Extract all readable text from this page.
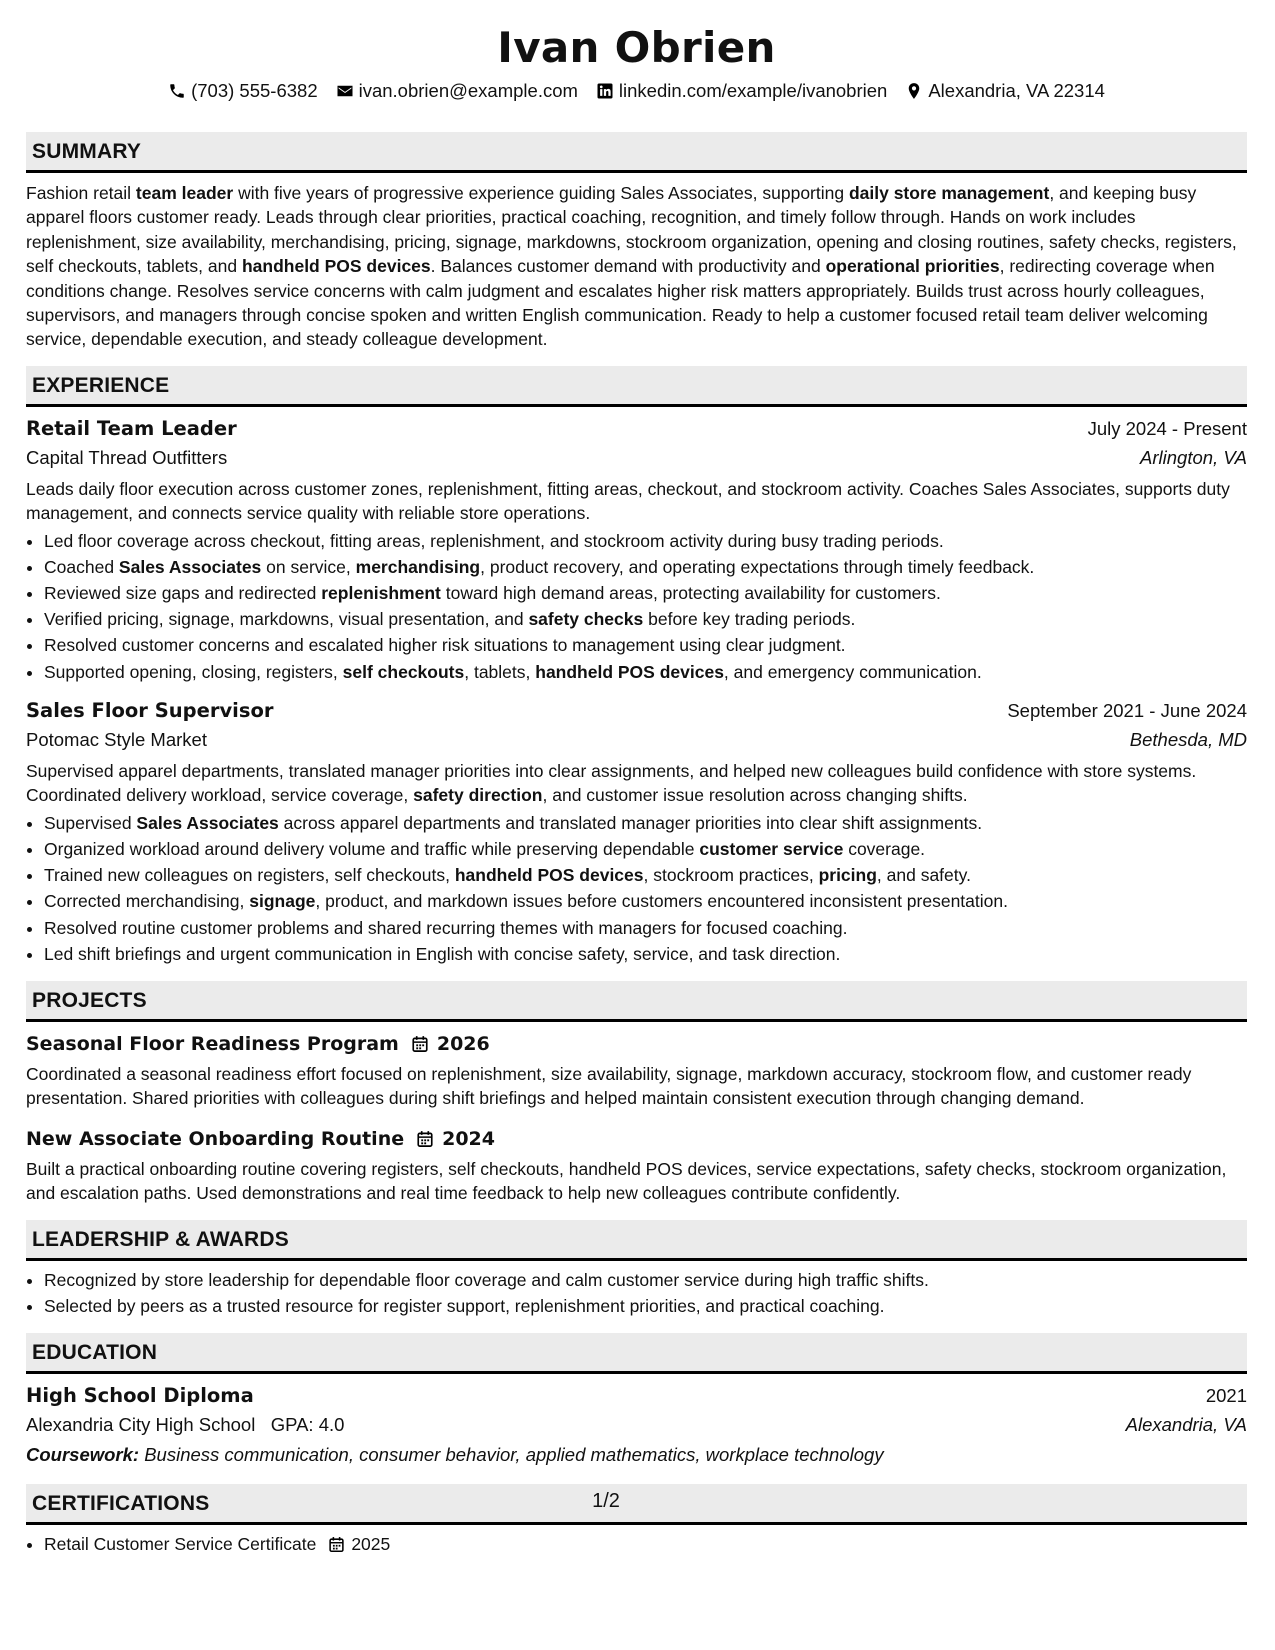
Ivan Obrien
(703) 555-6382 ivan.obrien@example.com linkedin.com/example/ivanobrien Alexandria, VA 22314
SUMMARY

Fashion retail team leader with five years of progressive experience guiding Sales Associates, supporting daily store management, and keeping busy apparel floors customer ready. Leads through clear priorities, practical coaching, recognition, and timely follow through. Hands on work includes replenishment, size availability, merchandising, pricing, signage, markdowns, stockroom organization, opening and closing routines, safety checks, registers, self checkouts, tablets, and handheld POS devices. Balances customer demand with productivity and operational priorities, redirecting coverage when conditions change. Resolves service concerns with calm judgment and escalates higher risk matters appropriately. Builds trust across hourly colleagues, supervisors, and managers through concise spoken and written English communication. Ready to help a customer focused retail team deliver welcoming service, dependable execution, and steady colleague development.

EXPERIENCE
Retail Team Leader	July 2024 - Present
Capital Thread Outfitters	Arlington, VA

Leads daily floor execution across customer zones, replenishment, fitting areas, checkout, and stockroom activity. Coaches Sales Associates, supports duty management, and connects service quality with reliable store operations.

• Led floor coverage across checkout, fitting areas, replenishment, and stockroom activity during busy trading periods.
• Coached Sales Associates on service, merchandising, product recovery, and operating expectations through timely feedback.
• Reviewed size gaps and redirected replenishment toward high demand areas, protecting availability for customers.
• Verified pricing, signage, markdowns, visual presentation, and safety checks before key trading periods.
• Resolved customer concerns and escalated higher risk situations to management using clear judgment.
• Supported opening, closing, registers, self checkouts, tablets, handheld POS devices, and emergency communication.
Sales Floor Supervisor	September 2021 - June 2024
Potomac Style Market	Bethesda, MD

Supervised apparel departments, translated manager priorities into clear assignments, and helped new colleagues build confidence with store systems. Coordinated delivery workload, service coverage, safety direction, and customer issue resolution across changing shifts.

• Supervised Sales Associates across apparel departments and translated manager priorities into clear shift assignments.
• Organized workload around delivery volume and traffic while preserving dependable customer service coverage.
• Trained new colleagues on registers, self checkouts, handheld POS devices, stockroom practices, pricing, and safety.
• Corrected merchandising, signage, product, and markdown issues before customers encountered inconsistent presentation.
• Resolved routine customer problems and shared recurring themes with managers for focused coaching.
• Led shift briefings and urgent communication in English with concise safety, service, and task direction.
PROJECTS
Seasonal Floor Readiness Program 2026

Coordinated a seasonal readiness effort focused on replenishment, size availability, signage, markdown accuracy, stockroom flow, and customer ready presentation. Shared priorities with colleagues during shift briefings and helped maintain consistent execution through changing demand.

New Associate Onboarding Routine 2024

Built a practical onboarding routine covering registers, self checkouts, handheld POS devices, service expectations, safety checks, stockroom organization, and escalation paths. Used demonstrations and real time feedback to help new colleagues contribute confidently.

LEADERSHIP & AWARDS
• Recognized by store leadership for dependable floor coverage and calm customer service during high traffic shifts.
• Selected by peers as a trusted resource for register support, replenishment priorities, and practical coaching.
EDUCATION
High School Diploma	2021
Alexandria City High School GPA: 4.0	Alexandria, VA
Coursework: Business communication, consumer behavior, applied mathematics, workplace technology
CERTIFICATIONS
• Retail Customer Service Certificate 2025
1/2
